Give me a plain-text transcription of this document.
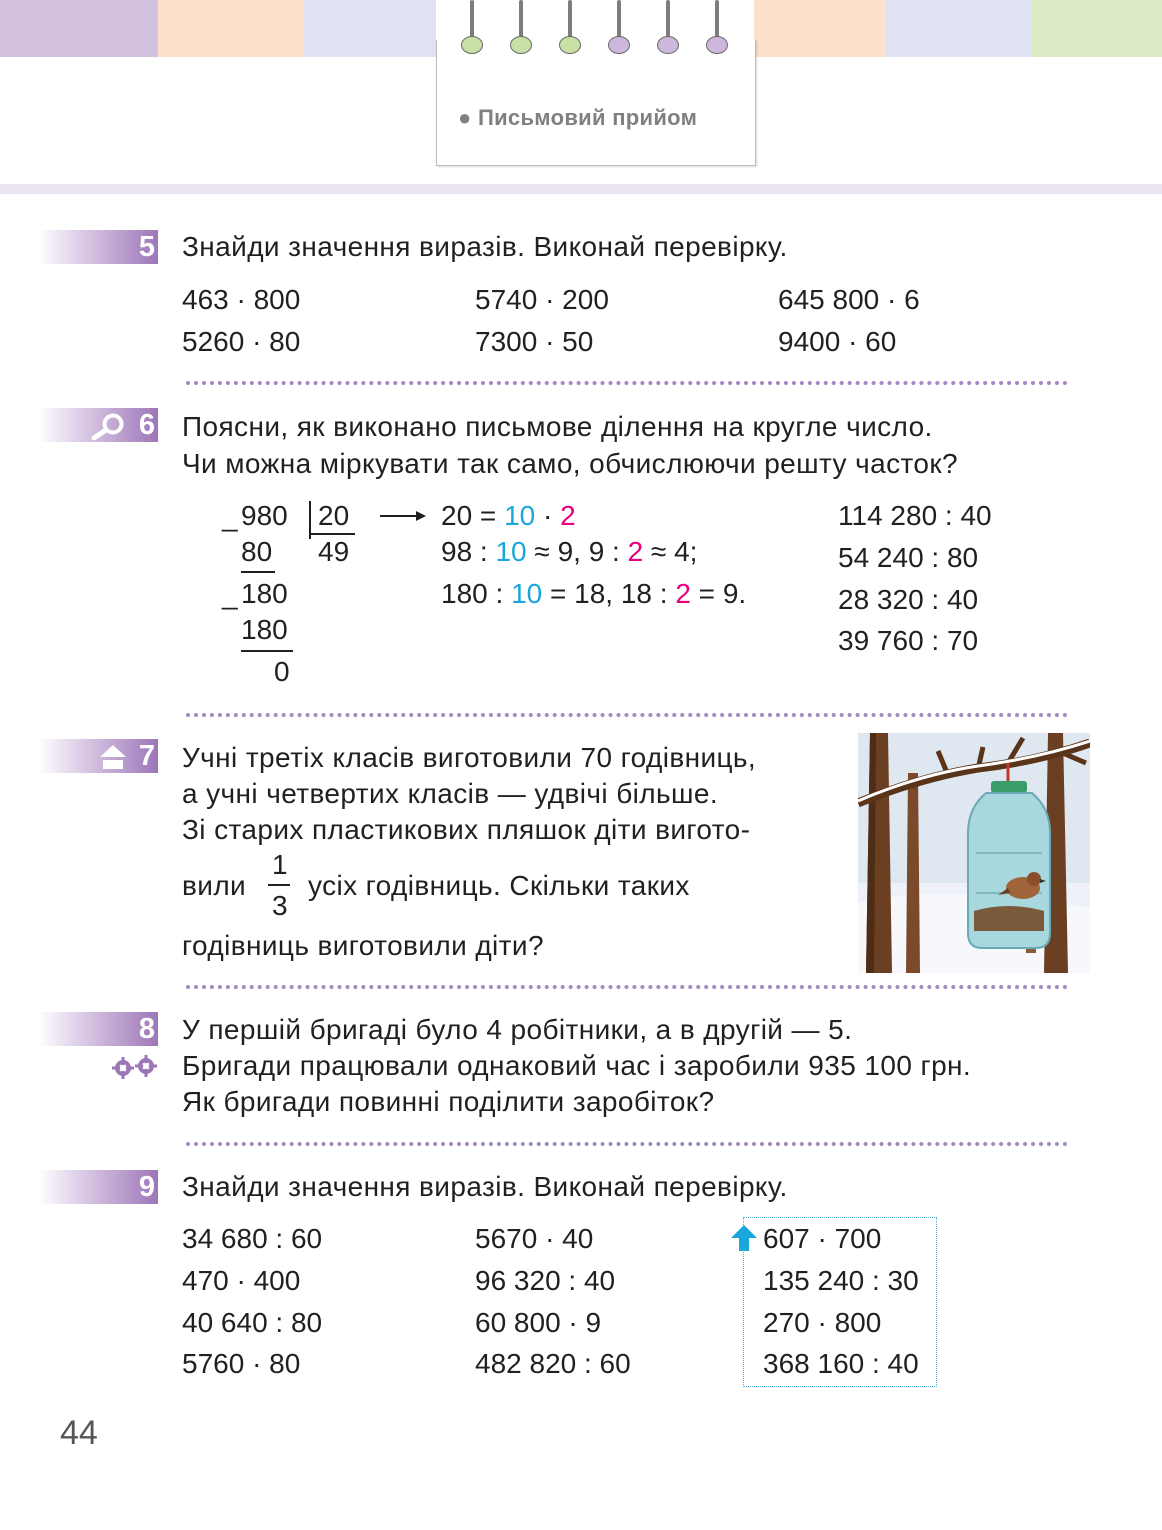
● Письмовий прийом
5 Знайди значення виразів. Виконай перевірку.
463 · 800
5260 · 80
5740 · 200
7300 · 50
645 800 · 6
9400 · 60
6 Поясни, як виконано письмове ділення на кругле число.
Чи можна міркувати так само, обчислюючи решту часток?
_ 980 20
80 49
_ 180
180
0
20 = 10 · 2
98 : 10 ≈ 9, 9 : 2 ≈ 4;
180 : 10 = 18, 18 : 2 = 9.
114 280 : 40
54 240 : 80
28 320 : 40
39 760 : 70
7 Учні третіх класів виготовили 70 годівниць,
а учні четвертих класів — удвічі більше.
Зі старих пластикових пляшок діти вигото-
вили
1
3
усіх годівниць. Скільки таких
годівниць виготовили діти?
8 У першій бригаді було 4 робітники, а в другій — 5.
Бригади працювали однаковий час і заробили 935 100 грн.
Як бригади повинні поділити заробіток?
9 Знайди значення виразів. Виконай перевірку.
34 680 : 60
470 · 400
40 640 : 80
5760 · 80
5670 · 40
96 320 : 40
60 800 · 9
482 820 : 60
607 · 700
135 240 : 30
270 · 800
368 160 : 40
44
